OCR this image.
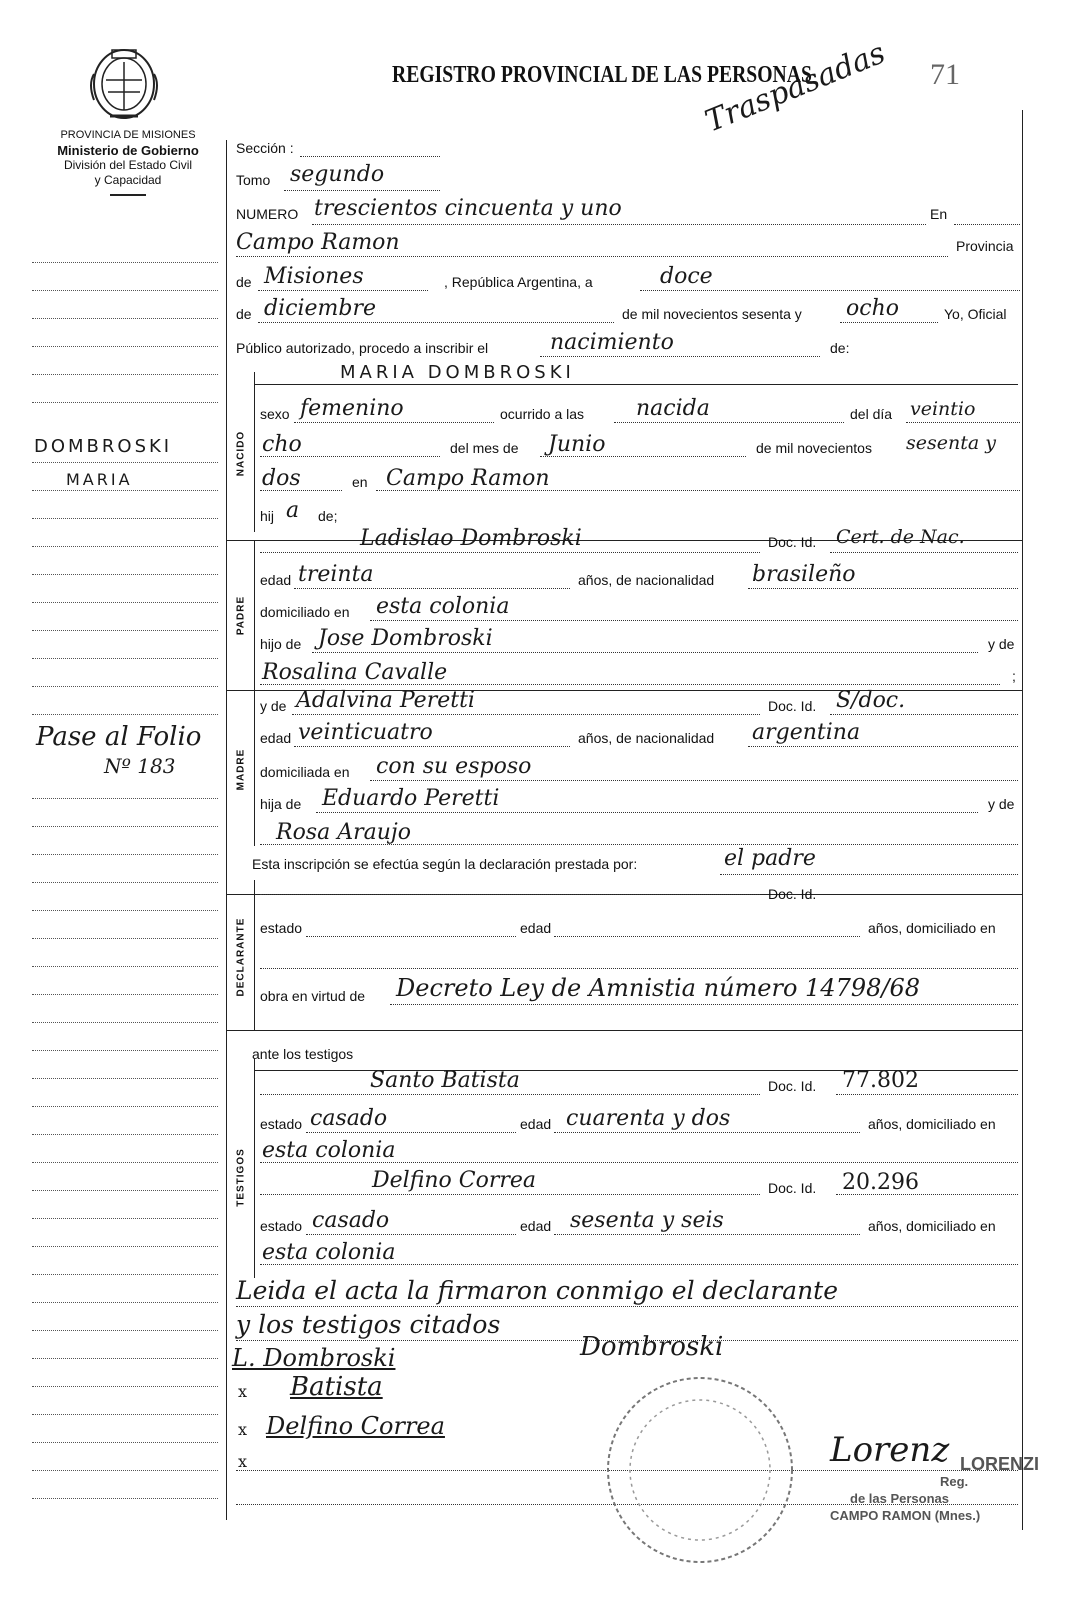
PROVINCIA DE MISIONES
Ministerio de Gobierno
División del Estado Civil
y Capacidad
REGISTRO PROVINCIAL DE LAS PERSONAS
Traspasadas 71
DOMBROSKI
MARIA
Pase al Folio
Nº 183
Sección :
Tomo segundo
NUMERO trescientos cincuenta y uno	En
Campo Ramon	Provincia
de Misiones	, República Argentina, a	doce
de diciembre	de mil novecientos sesenta y ocho	Yo, Oficial
Público autorizado, procedo a inscribir el	nacimiento	de:
NACIDO
MARIA DOMBROSKI
sexo femenino	ocurrido a las nacida	del día veintio
cho	del mes de Junio	de mil novecientos sesenta y
dos	en Campo Ramon
hij a de;
PADRE
Ladislao Dombroski	Doc. Id. Cert. de Nac.
edad treinta	años, de nacionalidad brasileño
domiciliado en esta colonia
hijo de Jose Dombroski	y de
Rosalina Cavalle	;
MADRE
y de Adalvina Peretti	Doc. Id. S/doc.
edad veinticuatro	años, de nacionalidad argentina
domiciliada en con su esposo
hija de Eduardo Peretti	y de
Rosa Araujo
Esta inscripción se efectúa según la declaración prestada por:	el padre
DECLARANTE
Doc. Id.
estado	edad	años, domiciliado en
obra en virtud de Decreto Ley de Amnistia número 14798/68
ante los testigos
TESTIGOS
Santo Batista	Doc. Id. 77.802
estado casado	edad cuarenta y dos	años, domiciliado en
esta colonia
Delfino Correa	Doc. Id. 20.296
estado casado	edad sesenta y seis	años, domiciliado en
esta colonia
Leida el acta la firmaron conmigo el declarante
y los testigos citados
L. Dombroski	Dombroski
x Batista
x Delfino Correa
x	Lorenz LORENZI
Reg.
de las Personas
CAMPO RAMON (Mnes.)
